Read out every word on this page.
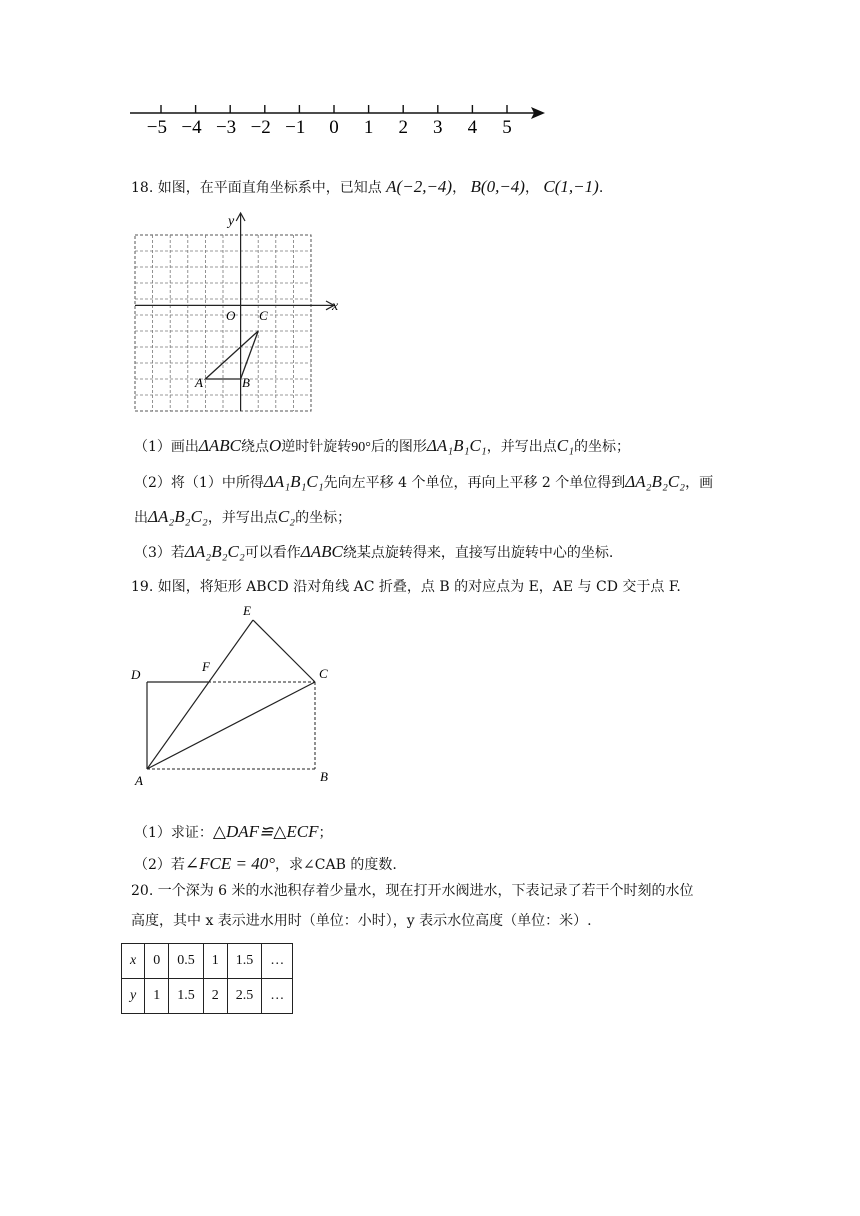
−5 −4 −3 −2 −1 0 1 2 3 4 5
18. 如图，在平面直角坐标系中，已知点 A(−2,−4)， B(0,−4)， C(1,−1).
x
y
O
A	B
C
（1）画出ΔABC绕点O逆时针旋转90°后的图形ΔA₁B₁C₁，并写出点C₁的坐标；
（2）将（1）中所得ΔA₁B₁C₁先向左平移 4 个单位，再向上平移 2 个单位得到ΔA₂B₂C₂，画
出ΔA₂B₂C₂，并写出点C₂的坐标；
（3）若ΔA₂B₂C₂可以看作ΔABC绕某点旋转得来，直接写出旋转中心的坐标.
19. 如图，将矩形 ABCD 沿对角线 AC 折叠，点 B 的对应点为 E，AE 与 CD 交于点 F.
E
D
F	C
A	B
（1）求证：△DAF≌△ECF；
（2）若∠FCE = 40°，求∠CAB 的度数.
20. 一个深为 6 米的水池积存着少量水，现在打开水阀进水，下表记录了若干个时刻的水位
高度，其中 x 表示进水用时（单位：小时），y 表示水位高度（单位：米）.
x	0	0.5	1	1.5	…
y	1	1.5	2	2.5	…
